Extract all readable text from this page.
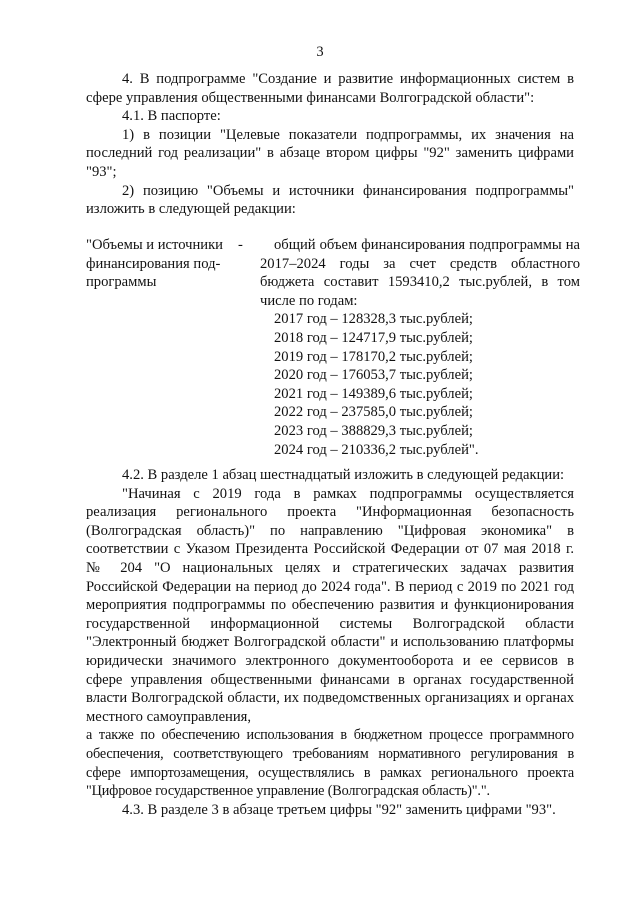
3

4. В подпрограмме "Создание и развитие информационных систем в сфере управления общественными финансами Волгоградской области":

4.1. В паспорте:

1) в позиции "Целевые показатели подпрограммы, их значения на последний год реализации" в абзаце втором цифры "92" заменить цифрами "93";

2) позицию "Объемы и источники финансирования подпрограммы" изложить в следующей редакции:

"Объемы и источники финансирования под-программы
-	общий объем финансирования подпрограммы на 2017–2024 годы за счет средств областного бюджета составит 1593410,2 тыс.рублей, в том числе по годам:

2017 год – 128328,3 тыс.рублей;
2018 год – 124717,9 тыс.рублей;
2019 год – 178170,2 тыс.рублей;
2020 год – 176053,7 тыс.рублей;
2021 год – 149389,6 тыс.рублей;
2022 год – 237585,0 тыс.рублей;
2023 год – 388829,3 тыс.рублей;
2024 год – 210336,2 тыс.рублей".

4.2. В разделе 1 абзац шестнадцатый изложить в следующей редакции:

"Начиная с 2019 года в рамках подпрограммы осуществляется реализация регионального проекта "Информационная безопасность (Волгоградская область)" по направлению "Цифровая экономика" в соответствии с Указом Президента Российской Федерации от 07 мая 2018 г. № 204 "О национальных целях и стратегических задачах развития Российской Федерации на период до 2024 года". В период с 2019 по 2021 год мероприятия подпрограммы по обеспечению развития и функционирования государственной информационной системы Волгоградской области "Электронный бюджет Волгоградской области" и использованию платформы юридически значимого электронного документооборота и ее сервисов в сфере управления общественными финансами в органах государственной власти Волгоградской области, их подведомственных организациях и органах местного самоуправления,

а также по обеспечению использования в бюджетном процессе программного обеспечения, соответствующего требованиям нормативного регулирования в сфере импортозамещения, осуществлялись в рамках регионального проекта "Цифровое государственное управление (Волгоградская область)".".

4.3. В разделе 3 в абзаце третьем цифры "92" заменить цифрами "93".
